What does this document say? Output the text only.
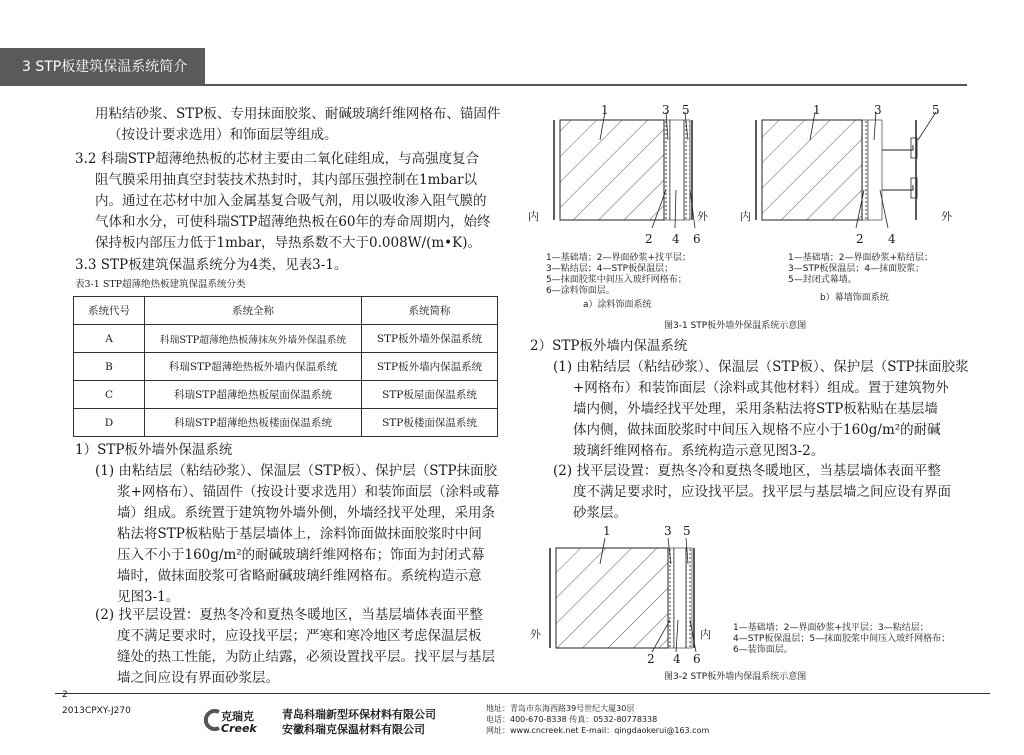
3 STP板建筑保温系统简介
用粘结砂浆、STP板、专用抹面胶浆、耐碱玻璃纤维网格布、锚固件
（按设计要求选用）和饰面层等组成。
3.2 科瑞STP超薄绝热板的芯材主要由二氧化硅组成，与高强度复合
阻气膜采用抽真空封装技术热封时，其内部压强控制在1mbar以
内。通过在芯材中加入金属基复合吸气剂，用以吸收渗入阻气膜的
气体和水分，可使科瑞STP超薄绝热板在60年的寿命周期内，始终
保持板内部压力低于1mbar，导热系数不大于0.008W/(m•K)。
3.3 STP板建筑保温系统分为4类，见表3-1。
表3-1 STP超薄绝热板建筑保温系统分类
系统代号	系统全称	系统简称
A	科瑞STP超薄绝热板薄抹灰外墙外保温系统	STP板外墙外保温系统
B	科瑞STP超薄绝热板外墙内保温系统	STP板外墙内保温系统
C	科瑞STP超薄绝热板屋面保温系统	STP板屋面保温系统
D	科瑞STP超薄绝热板楼面保温系统	STP板楼面保温系统
1）STP板外墙外保温系统
(1) 由粘结层（粘结砂浆）、保温层（STP板）、保护层（STP抹面胶
浆+网格布）、锚固件（按设计要求选用）和装饰面层（涂料或幕
墙）组成。系统置于建筑物外墙外侧，外墙经找平处理，采用条
粘法将STP板粘贴于基层墙体上，涂料饰面做抹面胶浆时中间
压入不小于160g/m²的耐碱玻璃纤维网格布；饰面为封闭式幕
墙时，做抹面胶浆可省略耐碱玻璃纤维网格布。系统构造示意
见图3-1。
(2) 找平层设置：夏热冬冷和夏热冬暖地区，当基层墙体表面平整
度不满足要求时，应设找平层；严寒和寒冷地区考虑保温层板
缝处的热工性能，为防止结露，必须设置找平层。找平层与基层
墙之间应设有界面砂浆层。
1	3 5
2 4 6
内	外
1—基础墙；2—界面砂浆+找平层；
3—粘结层；4—STP板保温层；
5—抹面胶浆中间压入玻纤网格布；
6—涂料饰面层。
a）涂料饰面系统
1	3	5
2 4
内	外
1—基础墙；2—界面砂浆+粘结层；
3—STP板保温层；4—抹面胶浆；
5—封闭式幕墙。
b）幕墙饰面系统
图3-1 STP板外墙外保温系统示意图
2）STP板外墙内保温系统
(1) 由粘结层（粘结砂浆）、保温层（STP板）、保护层（STP抹面胶浆
+网格布）和装饰面层（涂料或其他材料）组成。置于建筑物外
墙内侧，外墙经找平处理，采用条粘法将STP板粘贴在基层墙
体内侧，做抹面胶浆时中间压入规格不应小于160g/m²的耐碱
玻璃纤维网格布。系统构造示意见图3-2。
(2) 找平层设置：夏热冬冷和夏热冬暖地区，当基层墙体表面平整
度不满足要求时，应设找平层。找平层与基层墙之间应设有界面
砂浆层。
1	3 5
2 4 6
外	内 1—基础墙；2—界面砂浆+找平层；3—粘结层；
4—STP板保温层；5—抹面胶浆中间压入玻纤网格布；
6—装饰面层。
图3-2 STP板外墙内保温系统示意图
2
2013CPXY-J270	克瑞克
Creek
青岛科瑞新型环保材料有限公司
安徽科瑞克保温材料有限公司
地址：青岛市东海西路39号世纪大厦30层
电话：400-670-8338 传真：0532-80778338
网址：www.cncreek.net E-mail：qingdaokerui@163.com
